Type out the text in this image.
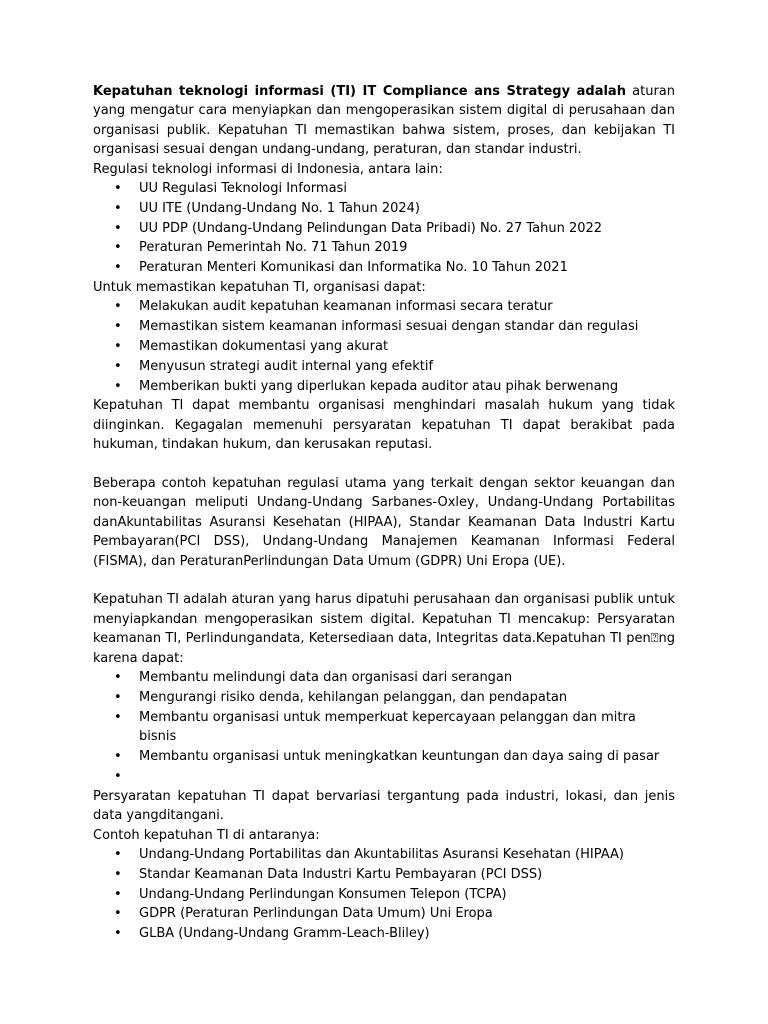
Kepatuhan teknologi informasi (TI) IT Compliance ans Strategy adalah aturan yang mengatur cara menyiapkan dan mengoperasikan sistem digital di perusahaan dan organisasi publik. Kepatuhan TI memastikan bahwa sistem, proses, dan kebijakan TI organisasi sesuai dengan undang-undang, peraturan, dan standar industri.

Regulasi teknologi informasi di Indonesia, antara lain:

• UU Regulasi Teknologi Informasi
• UU ITE (Undang-Undang No. 1 Tahun 2024)
• UU PDP (Undang-Undang Pelindungan Data Pribadi) No. 27 Tahun 2022
• Peraturan Pemerintah No. 71 Tahun 2019
• Peraturan Menteri Komunikasi dan Informatika No. 10 Tahun 2021

Untuk memastikan kepatuhan TI, organisasi dapat:

• Melakukan audit kepatuhan keamanan informasi secara teratur
• Memastikan sistem keamanan informasi sesuai dengan standar dan regulasi
• Memastikan dokumentasi yang akurat
• Menyusun strategi audit internal yang efektif
• Memberikan bukti yang diperlukan kepada auditor atau pihak berwenang

Kepatuhan TI dapat membantu organisasi menghindari masalah hukum yang tidak diinginkan. Kegagalan memenuhi persyaratan kepatuhan TI dapat berakibat pada hukuman, tindakan hukum, dan kerusakan reputasi.

Beberapa contoh kepatuhan regulasi utama yang terkait dengan sektor keuangan dan non-keuangan meliputi Undang-Undang Sarbanes-Oxley, Undang-Undang Portabilitas danAkuntabilitas Asuransi Kesehatan (HIPAA), Standar Keamanan Data Industri Kartu Pembayaran(PCI DSS), Undang-Undang Manajemen Keamanan Informasi Federal (FISMA), dan PeraturanPerlindungan Data Umum (GDPR) Uni Eropa (UE).

Kepatuhan TI adalah aturan yang harus dipatuhi perusahaan dan organisasi publik untuk menyiapkandan mengoperasikan sistem digital. Kepatuhan TI mencakup: Persyaratan keamanan TI, Perlindungandata, Ketersediaan data, Integritas data.Kepatuhan TI pen⍰ng karena dapat:

• Membantu melindungi data dan organisasi dari serangan
• Mengurangi risiko denda, kehilangan pelanggan, dan pendapatan
• Membantu organisasi untuk memperkuat kepercayaan pelanggan dan mitra bisnis
• Membantu organisasi untuk meningkatkan keuntungan dan daya saing di pasar
•

Persyaratan kepatuhan TI dapat bervariasi tergantung pada industri, lokasi, dan jenis data yangditangani.

Contoh kepatuhan TI di antaranya:

• Undang-Undang Portabilitas dan Akuntabilitas Asuransi Kesehatan (HIPAA)
• Standar Keamanan Data Industri Kartu Pembayaran (PCI DSS)
• Undang-Undang Perlindungan Konsumen Telepon (TCPA)
• GDPR (Peraturan Perlindungan Data Umum) Uni Eropa
• GLBA (Undang-Undang Gramm-Leach-Bliley)
